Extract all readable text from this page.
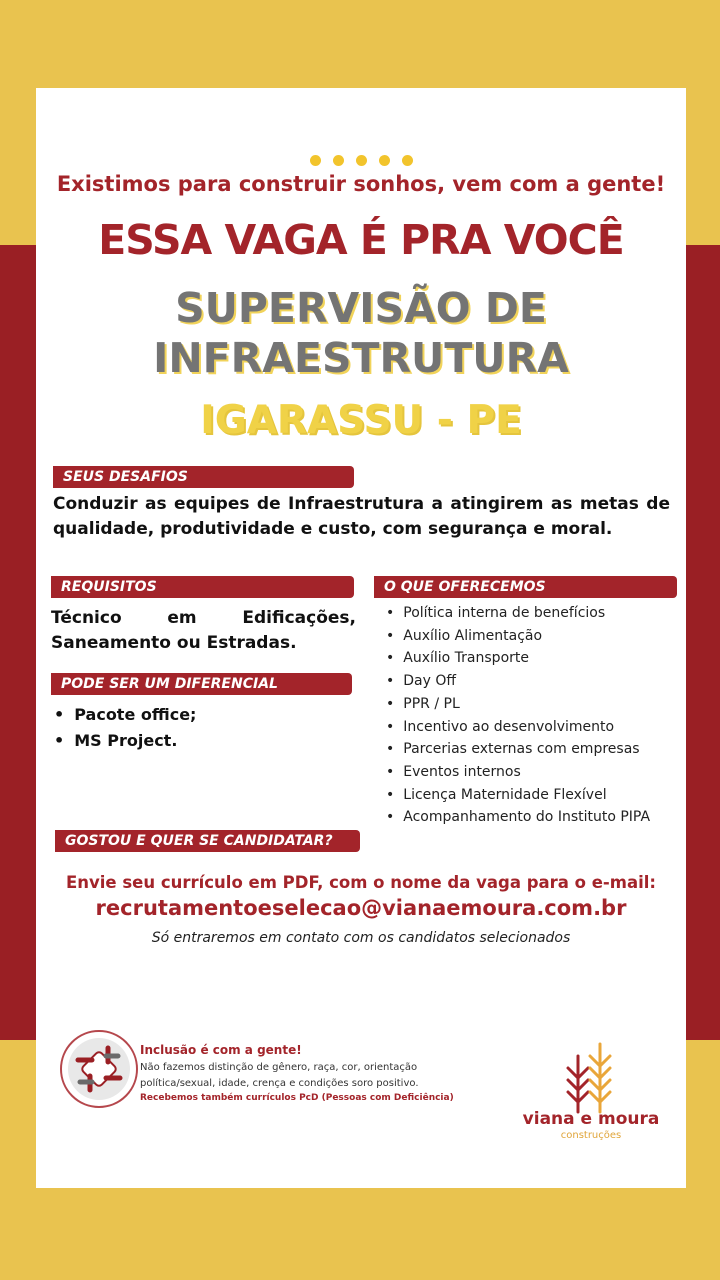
Existimos para construir sonhos, vem com a gente!
ESSA VAGA É PRA VOCÊ
SUPERVISÃO DE
INFRAESTRUTURA
IGARASSU - PE
SEUS DESAFIOS
Conduzir as equipes de Infraestrutura a atingirem as metas de qualidade, produtividade e custo, com segurança e moral.
REQUISITOS
Técnico em Edificações, Saneamento ou Estradas.
PODE SER UM DIFERENCIAL
• Pacote office;
• MS Project.
O QUE OFERECEMOS
• Política interna de benefícios
• Auxílio Alimentação
• Auxílio Transporte
• Day Off
• PPR / PL
• Incentivo ao desenvolvimento
• Parcerias externas com empresas
• Eventos internos
• Licença Maternidade Flexível
• Acompanhamento do Instituto PIPA
GOSTOU E QUER SE CANDIDATAR?
Envie seu currículo em PDF, com o nome da vaga para o e-mail:
recrutamentoeselecao@vianaemoura.com.br
Só entraremos em contato com os candidatos selecionados
Inclusão é com a gente!
Não fazemos distinção de gênero, raça, cor, orientação política/sexual, idade, crença e condições soro positivo.
Recebemos também currículos PcD (Pessoas com Deficiência)
viana e moura
construções
